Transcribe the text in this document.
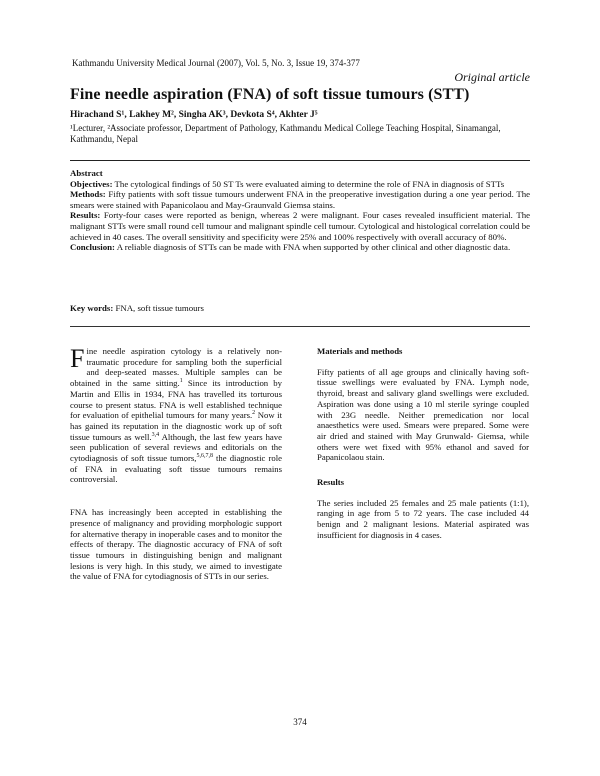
Kathmandu University Medical Journal (2007), Vol. 5, No. 3, Issue 19, 374-377
Original article
Fine needle aspiration (FNA) of soft tissue tumours (STT)
Hirachand S¹, Lakhey M², Singha AK³, Devkota S⁴, Akhter J⁵
¹Lecturer, ²Associate professor, Department of Pathology, Kathmandu Medical College Teaching Hospital, Sinamangal, Kathmandu, Nepal

Abstract

Objectives: The cytological findings of 50 ST Ts were evaluated aiming to determine the role of FNA in diagnosis of STTs

Methods: Fifty patients with soft tissue tumours underwent FNA in the preoperative investigation during a one year period. The smears were stained with Papanicolaou and May-Graunvald Giemsa stains.

Results: Forty-four cases were reported as benign, whereas 2 were malignant. Four cases revealed insufficient material. The malignant STTs were small round cell tumour and malignant spindle cell tumour. Cytological and histological correlation could be achieved in 40 cases. The overall sensitivity and specificity were 25% and 100% respectively with overall accuracy of 80%.

Conclusion: A reliable diagnosis of STTs can be made with FNA when supported by other clinical and other diagnostic data.

Key words: FNA, soft tissue tumours

Fine needle aspiration cytology is a relatively non-traumatic procedure for sampling both the superficial and deep-seated masses. Multiple samples can be obtained in the same sitting.$^1$ Since its introduction by Martin and Ellis in 1934, FNA has travelled its torturous course to present status. FNA is well established technique for evaluation of epithelial tumours for many years.$^2$ Now it has gained its reputation in the diagnostic work up of soft tissue tumours as well.$^{3,4}$ Although, the last few years have seen publication of several reviews and editorials on the cytodiagnosis of soft tissue tumors,$^{5,6,7,8}$ the diagnostic role of FNA in evaluating soft tissue tumours remains controversial.

FNA has increasingly been accepted in establishing the presence of malignancy and providing morphologic support for alternative therapy in inoperable cases and to monitor the effects of therapy. The diagnostic accuracy of FNA of soft tissue tumours in distinguishing benign and malignant lesions is very high. In this study, we aimed to investigate the value of FNA for cytodiagnosis of STTs in our series.

Materials and methods

Fifty patients of all age groups and clinically having soft-tissue swellings were evaluated by FNA. Lymph node, thyroid, breast and salivary gland swellings were excluded. Aspiration was done using a 10 ml sterile syringe coupled with 23G needle. Neither premedication nor local anaesthetics were used. Smears were prepared. Some were air dried and stained with May Grunwald- Giemsa, while others were wet fixed with 95% ethanol and saved for Papanicolaou stain.

Results

The series included 25 females and 25 male patients (1:1), ranging in age from 5 to 72 years. The case included 44 benign and 2 malignant lesions. Material aspirated was insufficient for diagnosis in 4 cases.

374
